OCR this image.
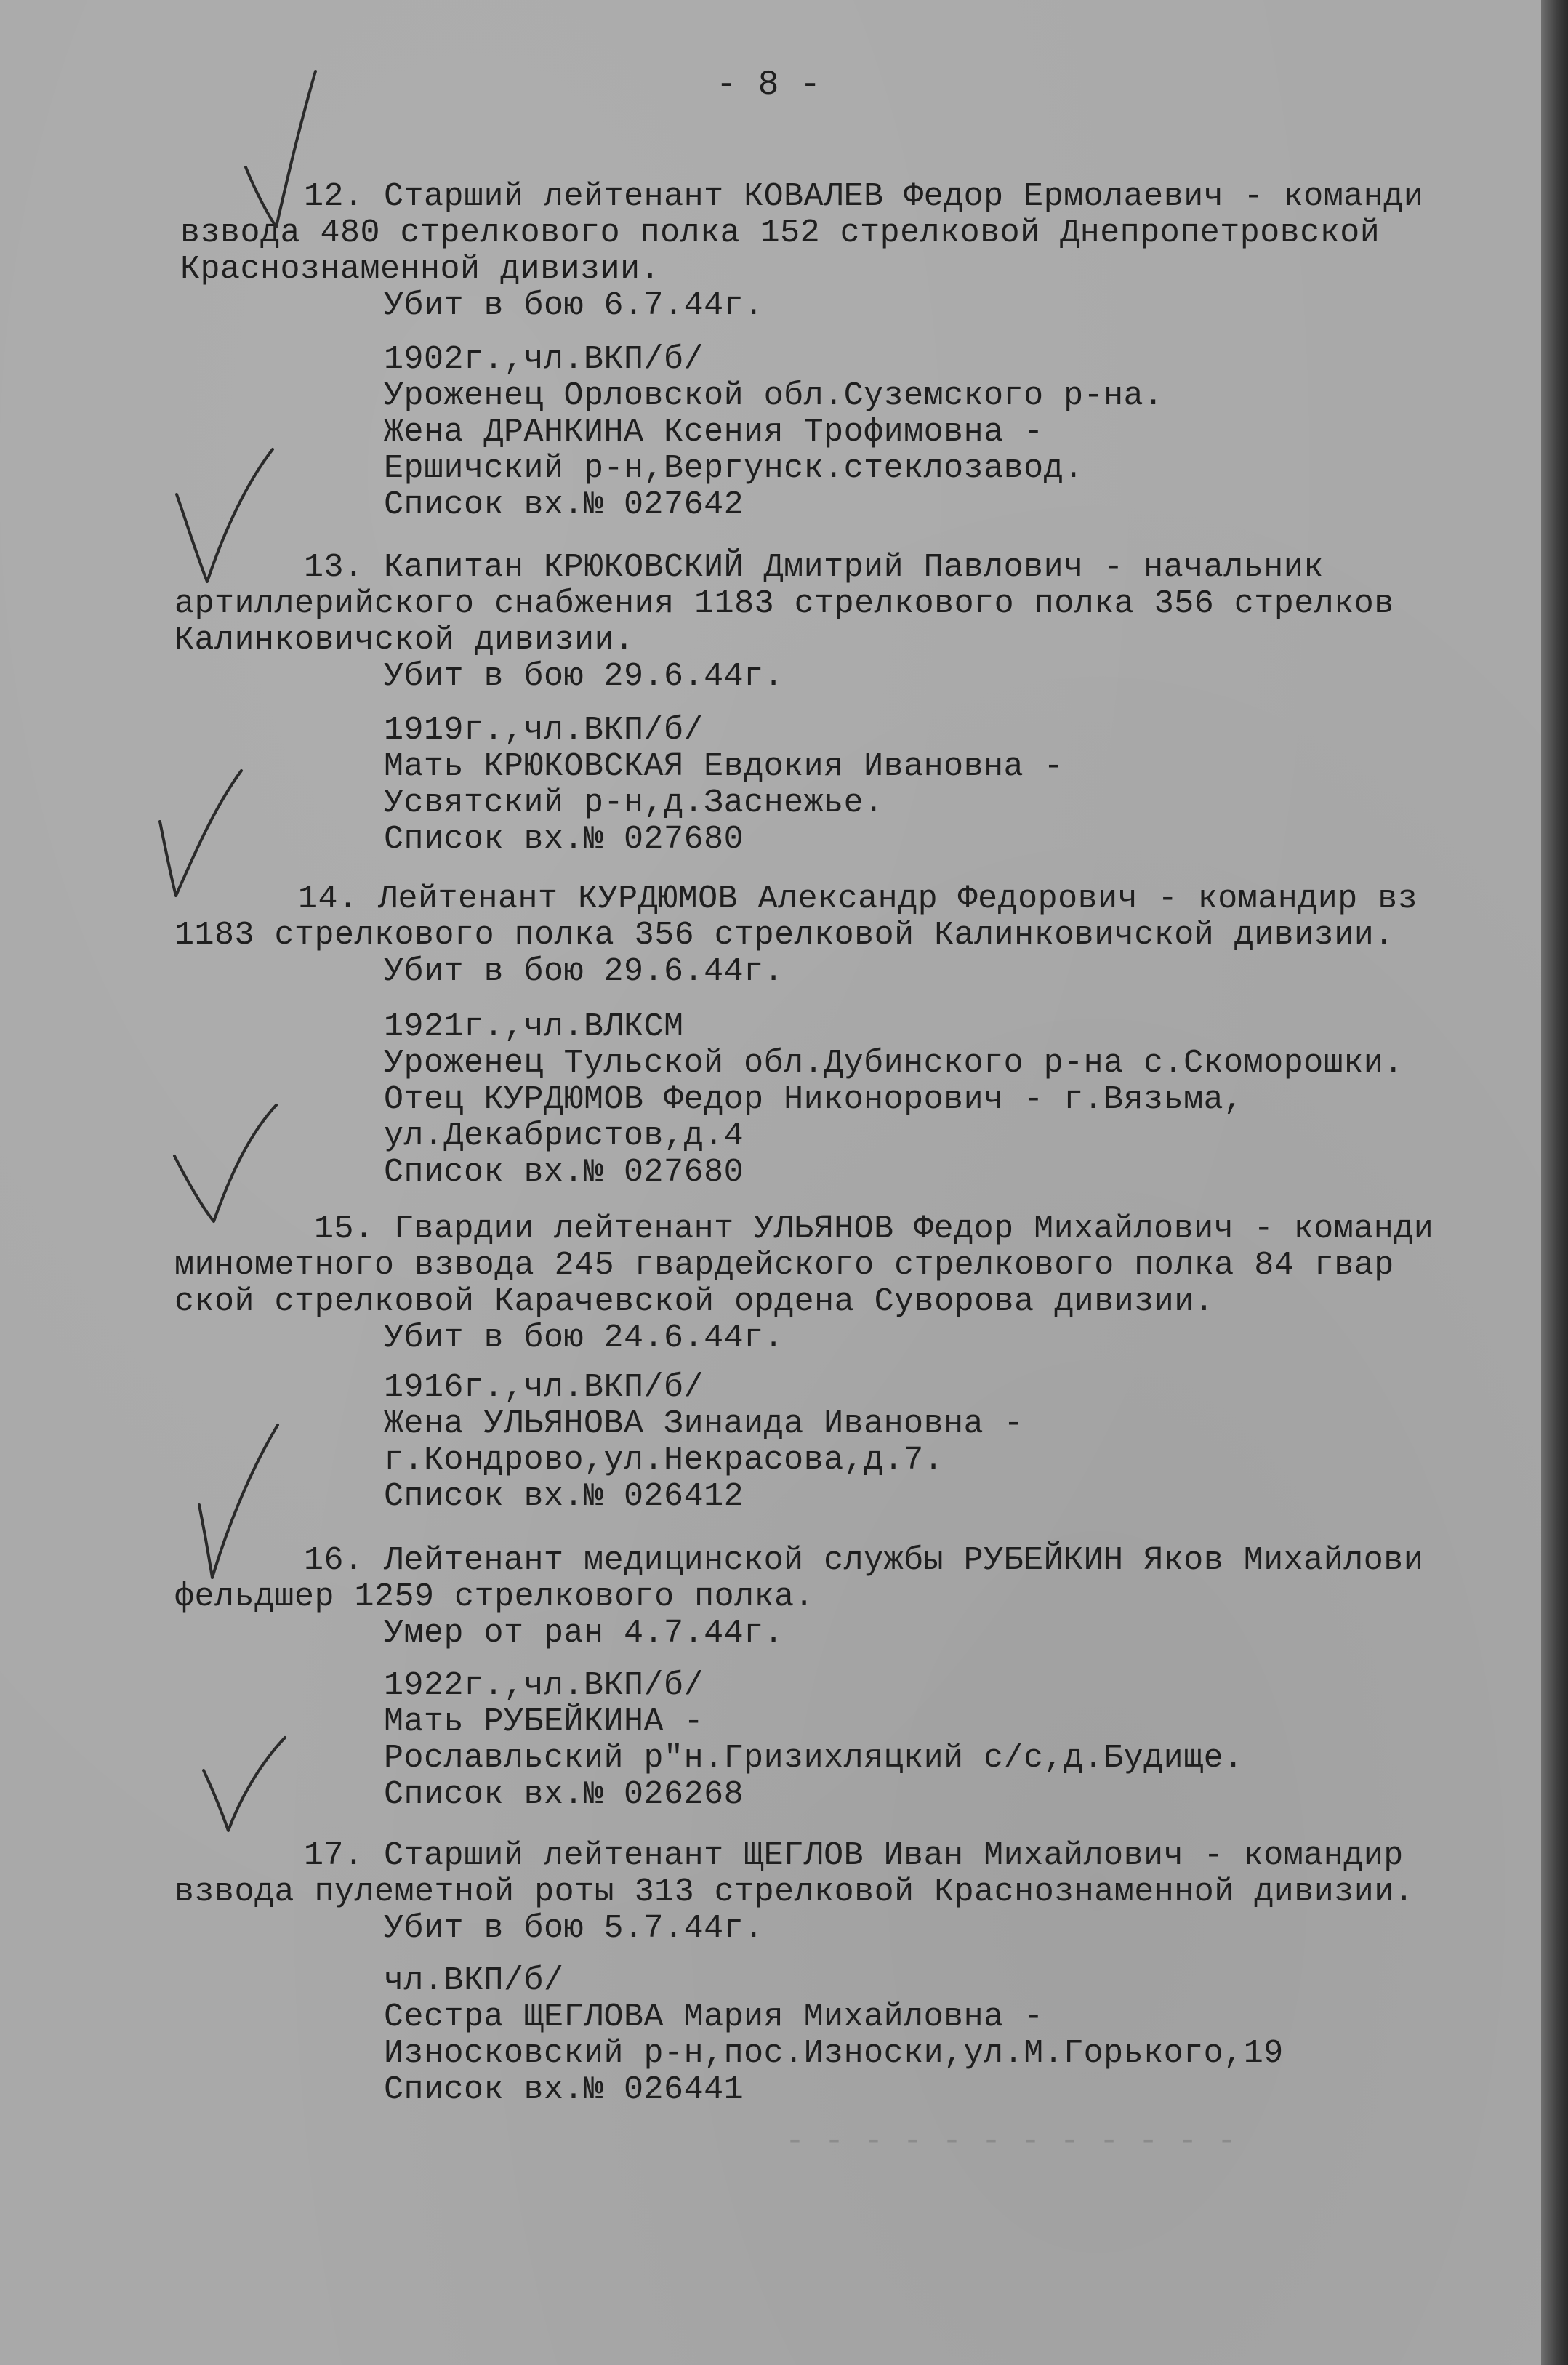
- 8 -
12. Старший лейтенант КОВАЛЕВ Федор Ермолаевич - команди
взвода 480 стрелкового полка 152 стрелковой Днепропетровской
Краснознаменной дивизии.
Убит в бою 6.7.44г.
1902г.,чл.ВКП/б/
Уроженец Орловской обл.Суземского р-на.
Жена ДРАНКИНА Ксения Трофимовна -
Ершичский р-н,Вергунск.стеклозавод.
Список вх.№ 027642
13. Капитан КРЮКОВСКИЙ Дмитрий Павлович - начальник
артиллерийского снабжения 1183 стрелкового полка 356 стрелков
Калинковичской дивизии.
Убит в бою 29.6.44г.
1919г.,чл.ВКП/б/
Мать КРЮКОВСКАЯ Евдокия Ивановна -
Усвятский р-н,д.Заснежье.
Список вх.№ 027680
14. Лейтенант КУРДЮМОВ Александр Федорович - командир вз
1183 стрелкового полка 356 стрелковой Калинковичской дивизии.
Убит в бою 29.6.44г.
1921г.,чл.ВЛКСМ
Уроженец Тульской обл.Дубинского р-на с.Скоморошки.
Отец КУРДЮМОВ Федор Никонорович - г.Вязьма,
ул.Декабристов,д.4
Список вх.№ 027680
15. Гвардии лейтенант УЛЬЯНОВ Федор Михайлович - команди
минометного взвода 245 гвардейского стрелкового полка 84 гвар
ской стрелковой Карачевской ордена Суворова дивизии.
Убит в бою 24.6.44г.
1916г.,чл.ВКП/б/
Жена УЛЬЯНОВА Зинаида Ивановна -
г.Кондрово,ул.Некрасова,д.7.
Список вх.№ 026412
16. Лейтенант медицинской службы РУБЕЙКИН Яков Михайлови
фельдшер 1259 стрелкового полка.
Умер от ран 4.7.44г.
1922г.,чл.ВКП/б/
Мать РУБЕЙКИНА -
Рославльский р"н.Гризихляцкий с/с,д.Будище.
Список вх.№ 026268
17. Старший лейтенант ЩЕГЛОВ Иван Михайлович - командир
взвода пулеметной роты 313 стрелковой Краснознаменной дивизии.
Убит в бою 5.7.44г.
чл.ВКП/б/
Сестра ЩЕГЛОВА Мария Михайловна -
Износковский р-н,пос.Износки,ул.М.Горького,19
Список вх.№ 026441
- - - - - - - - - - - -
